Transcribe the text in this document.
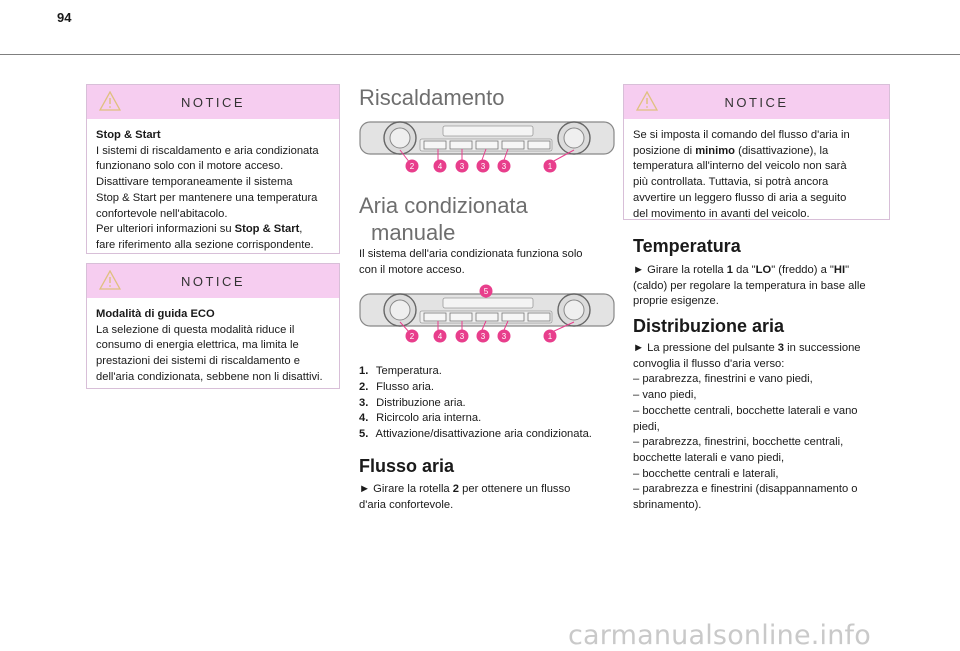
94
NOTICE

Stop & Start

I sistemi di riscaldamento e aria condizionata

funzionano solo con il motore acceso.

Disattivare temporaneamente il sistema

Stop & Start per mantenere una temperatura

confortevole nell'abitacolo.

Per ulteriori informazioni su Stop & Start,

fare riferimento alla sezione corrispondente.

NOTICE

Modalità di guida ECO

La selezione di questa modalità riduce il

consumo di energia elettrica, ma limita le

prestazioni dei sistemi di riscaldamento e

dell'aria condizionata, sebbene non li disattivi.

Riscaldamento
2	4 3 3 3	1
Aria condizionata
manuale

Il sistema dell'aria condizionata funziona solo
con il motore acceso.

5
2	4 3 3 3	1
1. Temperatura.
2. Flusso aria.
3. Distribuzione aria.
4. Ricircolo aria interna.
5. Attivazione/disattivazione aria condizionata.
Flusso aria

► Girare la rotella 2 per ottenere un flusso

d'aria confortevole.

NOTICE

Se si imposta il comando del flusso d'aria in

posizione di minimo (disattivazione), la

temperatura all'interno del veicolo non sarà

più controllata. Tuttavia, si potrà ancora

avvertire un leggero flusso di aria a seguito

del movimento in avanti del veicolo.

Temperatura

► Girare la rotella 1 da "LO" (freddo) a "HI"

(caldo) per regolare la temperatura in base alle

proprie esigenze.

Distribuzione aria

► La pressione del pulsante 3 in successione

convoglia il flusso d'aria verso:

– parabrezza, finestrini e vano piedi,

– vano piedi,

– bocchette centrali, bocchette laterali e vano

piedi,

– parabrezza, finestrini, bocchette centrali,

bocchette laterali e vano piedi,

– bocchette centrali e laterali,

– parabrezza e finestrini (disappannamento o

sbrinamento).

carmanualsonline.info
